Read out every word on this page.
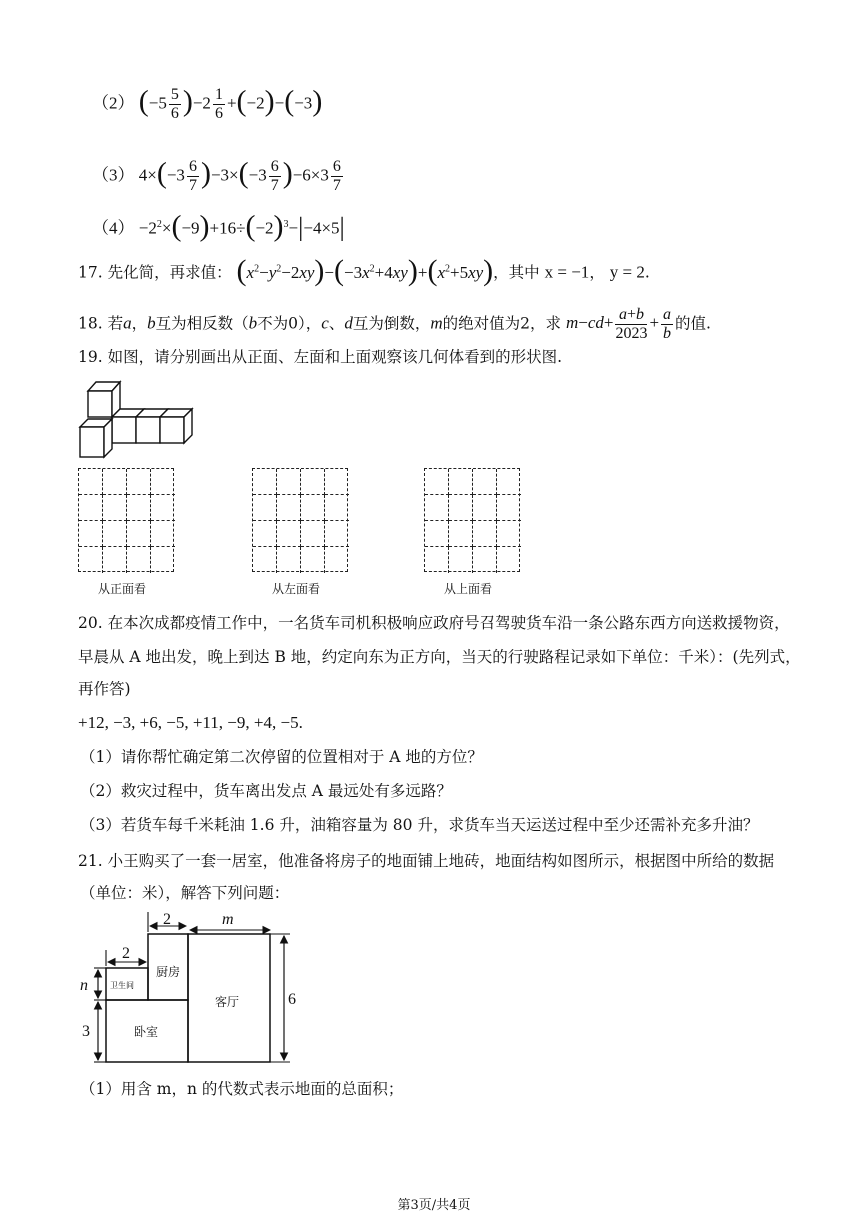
（2） $(-5 \frac{5}{6} )-2 \frac{1}{6} +(-2)-(-3)$
（3） $4\times(-3 \frac{6}{7} )-3\times(-3 \frac{6}{7} )-6\times 3 \frac{6}{7}$
$(4) -2^2\times(-9)+16\div(-2)^3-|-4\times 5|$
17. 先化简，再求值： $(x^2-y^2-2xy)-(-3x^2+4xy)+(x^2+5xy)$，其中 x = −1， y = 2.
18. 若a，b互为相反数（b不为0），c、d互为倒数，m的绝对值为2，求 $m-cd+ \frac{a+b}{2023} + \frac{a}{b}$ 的值.
19. 如图，请分别画出从正面、左面和上面观察该几何体看到的形状图.
从正面看	从左面看	从上面看
20. 在本次成都疫情工作中，一名货车司机积极响应政府号召驾驶货车沿一条公路东西方向送救援物资，
早晨从 A 地出发，晚上到达 B 地，约定向东为正方向，当天的行驶路程记录如下单位：千米）：(先列式，
再作答)
+12, −3, +6, −5, +11, −9, +4, −5.
（1）请你帮忙确定第二次停留的位置相对于 A 地的方位？
（2）救灾过程中，货车离出发点 A 最远处有多远路？
（3）若货车每千米耗油 1.6 升，油箱容量为 80 升，求货车当天运送过程中至少还需补充多升油？
21. 小王购买了一套一居室，他准备将房子的地面铺上地砖，地面结构如图所示，根据图中所给的数据
（单位：米），解答下列问题：
2	m
2
n
3
6
厨房
卫生间
卧室
客厅
（1）用含 m，n 的代数式表示地面的总面积；
第3页/共4页
